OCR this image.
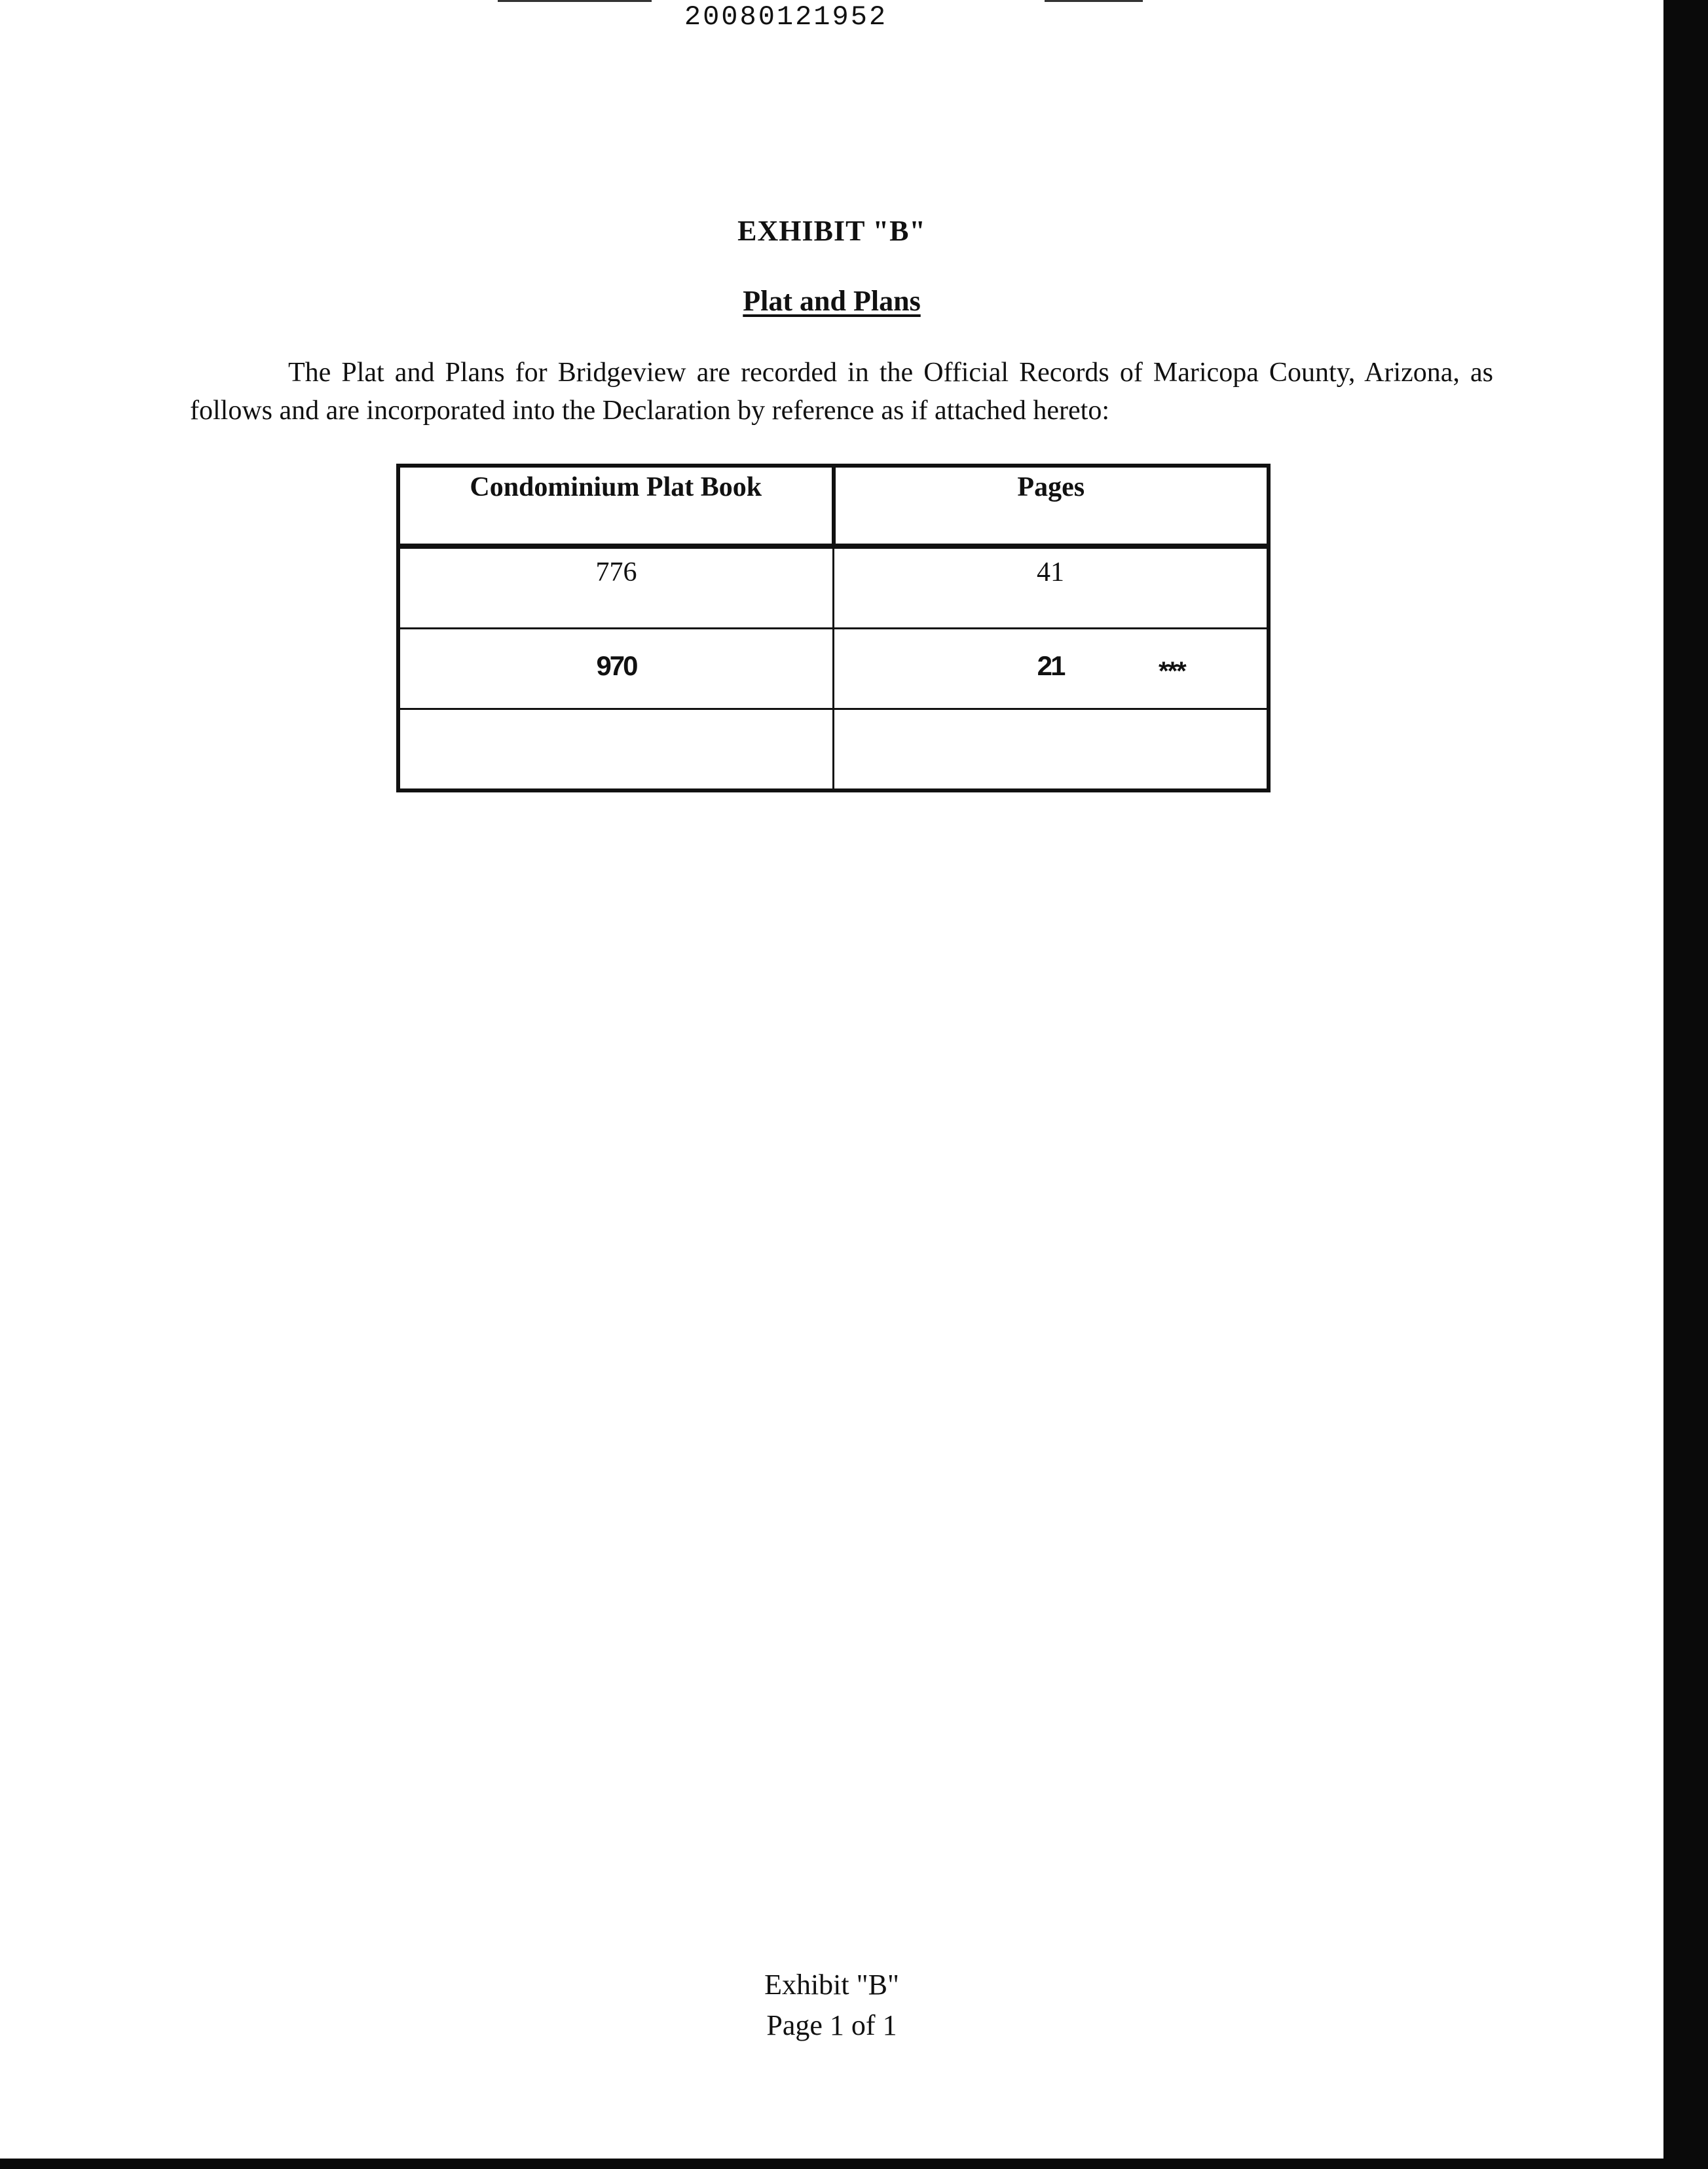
20080121952
EXHIBIT "B"
Plat and Plans

The Plat and Plans for Bridgeview are recorded in the Official Records of Maricopa County, Arizona, as follows and are incorporated into the Declaration by reference as if attached hereto:

Condominium Plat Book	Pages
776	41
970	21 ***

Exhibit "B"
Page 1 of 1
